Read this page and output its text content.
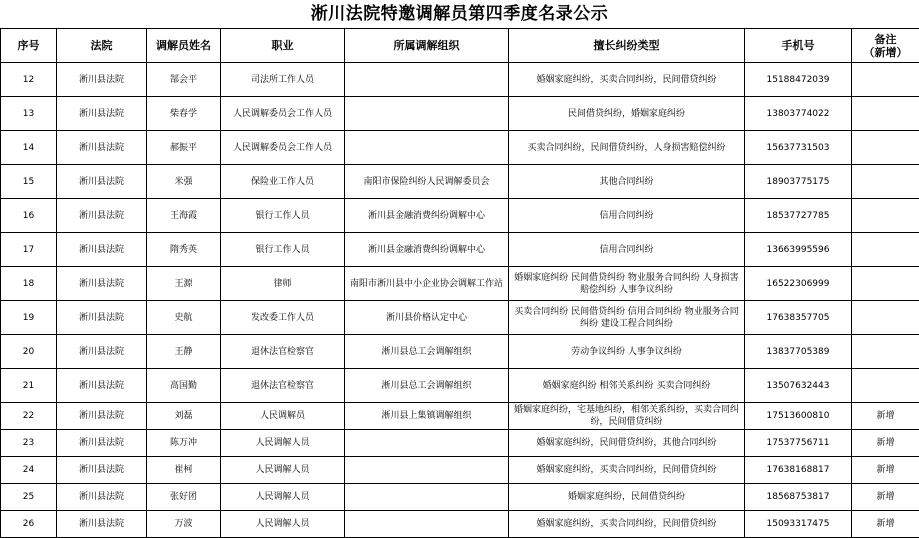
淅川法院特邀调解员第四季度名录公示
序号	法院	调解员姓名	职业	所属调解组织	擅长纠纷类型	手机号	备注
（新增）

12	淅川县法院	郜会平	司法所工作人员		婚姻家庭纠纷，买卖合同纠纷，民间借贷纠纷	15188472039	
13	淅川县法院	柴春学	人民调解委员会工作人员		民间借贷纠纷，婚姻家庭纠纷	13803774022	
14	淅川县法院	郝振平	人民调解委员会工作人员		买卖合同纠纷，民间借贷纠纷，人身损害赔偿纠纷	15637731503	
15	淅川县法院	米强	保险业工作人员	南阳市保险纠纷人民调解委员会	其他合同纠纷	18903775175	
16	淅川县法院	王海霞	银行工作人员	淅川县金融消费纠纷调解中心	信用合同纠纷	18537727785	
17	淅川县法院	隋秀英	银行工作人员	淅川县金融消费纠纷调解中心	信用合同纠纷	13663995596	
18	淅川县法院	王源	律师	南阳市淅川县中小企业协会调解工作站	婚姻家庭纠纷 民间借贷纠纷 物业服务合同纠纷 人身损害赔偿纠纷 人事争议纠纷	16522306999	
19	淅川县法院	史航	发改委工作人员	淅川县价格认定中心	买卖合同纠纷 民间借贷纠纷 信用合同纠纷 物业服务合同纠纷 建设工程合同纠纷	17638357705	
20	淅川县法院	王静	退休法官检察官	淅川县总工会调解组织	劳动争议纠纷 人事争议纠纷	13837705389	
21	淅川县法院	高国勤	退休法官检察官	淅川县总工会调解组织	婚姻家庭纠纷 相邻关系纠纷 买卖合同纠纷	13507632443	
22	淅川县法院	刘磊	人民调解员	淅川县上集镇调解组织	婚姻家庭纠纷，宅基地纠纷，相邻关系纠纷，买卖合同纠纷，民间借贷纠纷	17513600810	新增
23	淅川县法院	陈万冲	人民调解人员		婚姻家庭纠纷，民间借贷纠纷，其他合同纠纷	17537756711	新增
24	淅川县法院	崔柯	人民调解人员		婚姻家庭纠纷，买卖合同纠纷，民间借贷纠纷	17638168817	新增
25	淅川县法院	张好团	人民调解人员		婚姻家庭纠纷，民间借贷纠纷	18568753817	新增
26	淅川县法院	万波	人民调解人员		婚姻家庭纠纷，买卖合同纠纷，民间借贷纠纷	15093317475	新增
